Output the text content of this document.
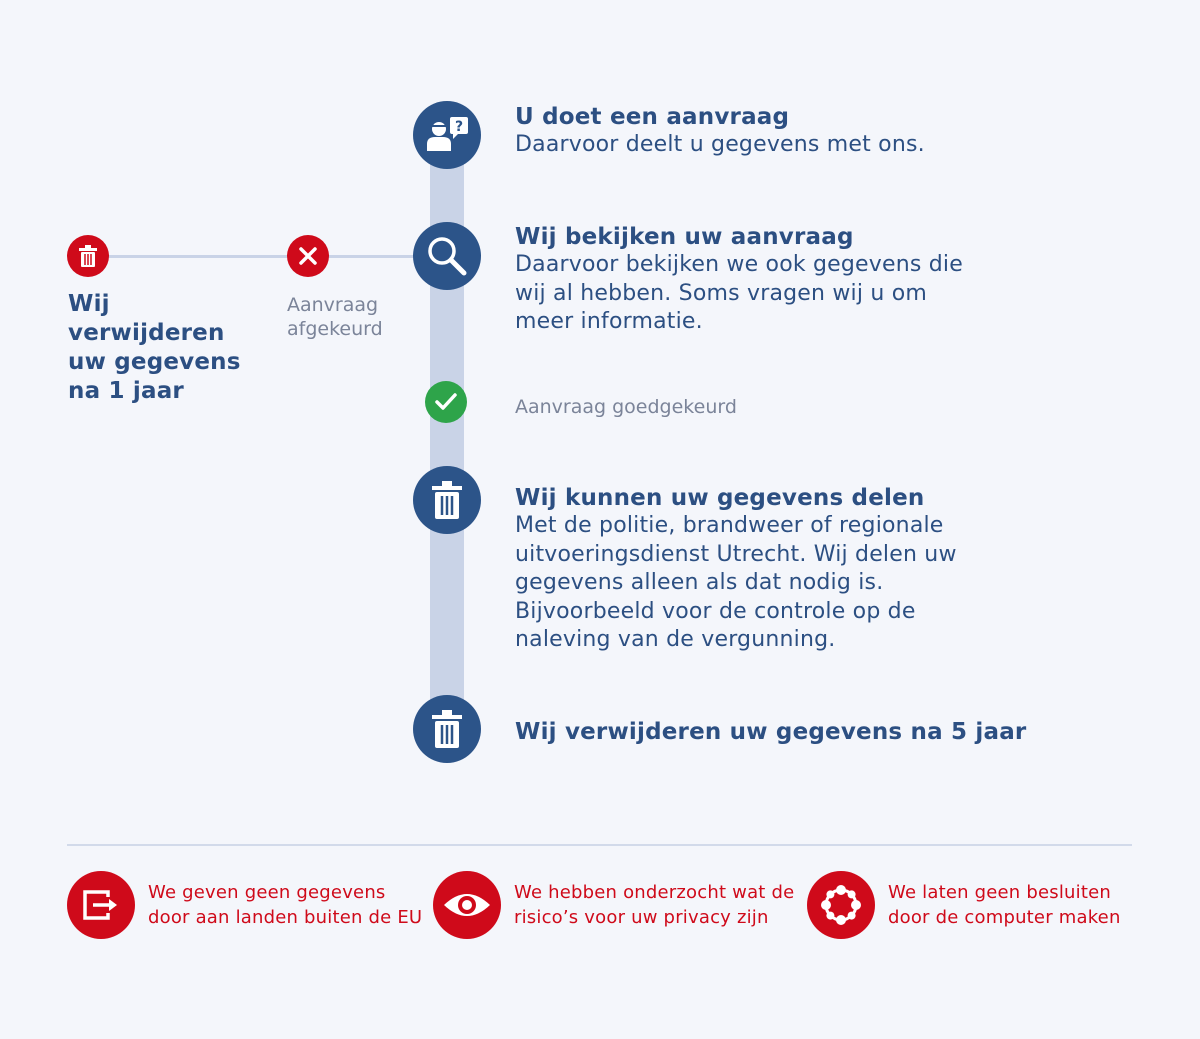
? U doet een aanvraag
Daarvoor deelt u gegevens met ons.
Wij bekijken uw aanvraag
Daarvoor bekijken we ook gegevens die wij al hebben. Soms vragen wij u om meer informatie.
Aanvraag afgekeurd
Wij verwijderen uw gegevens na 1 jaar
Aanvraag goedgekeurd
Wij kunnen uw gegevens delen
Met de politie, brandweer of regionale uitvoeringsdienst Utrecht. Wij delen uw gegevens alleen als dat nodig is. Bijvoorbeeld voor de controle op de naleving van de vergunning.
Wij verwijderen uw gegevens na 5 jaar
We geven geen gegevens door aan landen buiten de EU
We hebben onderzocht wat de risico’s voor uw privacy zijn
We laten geen besluiten door de computer maken
